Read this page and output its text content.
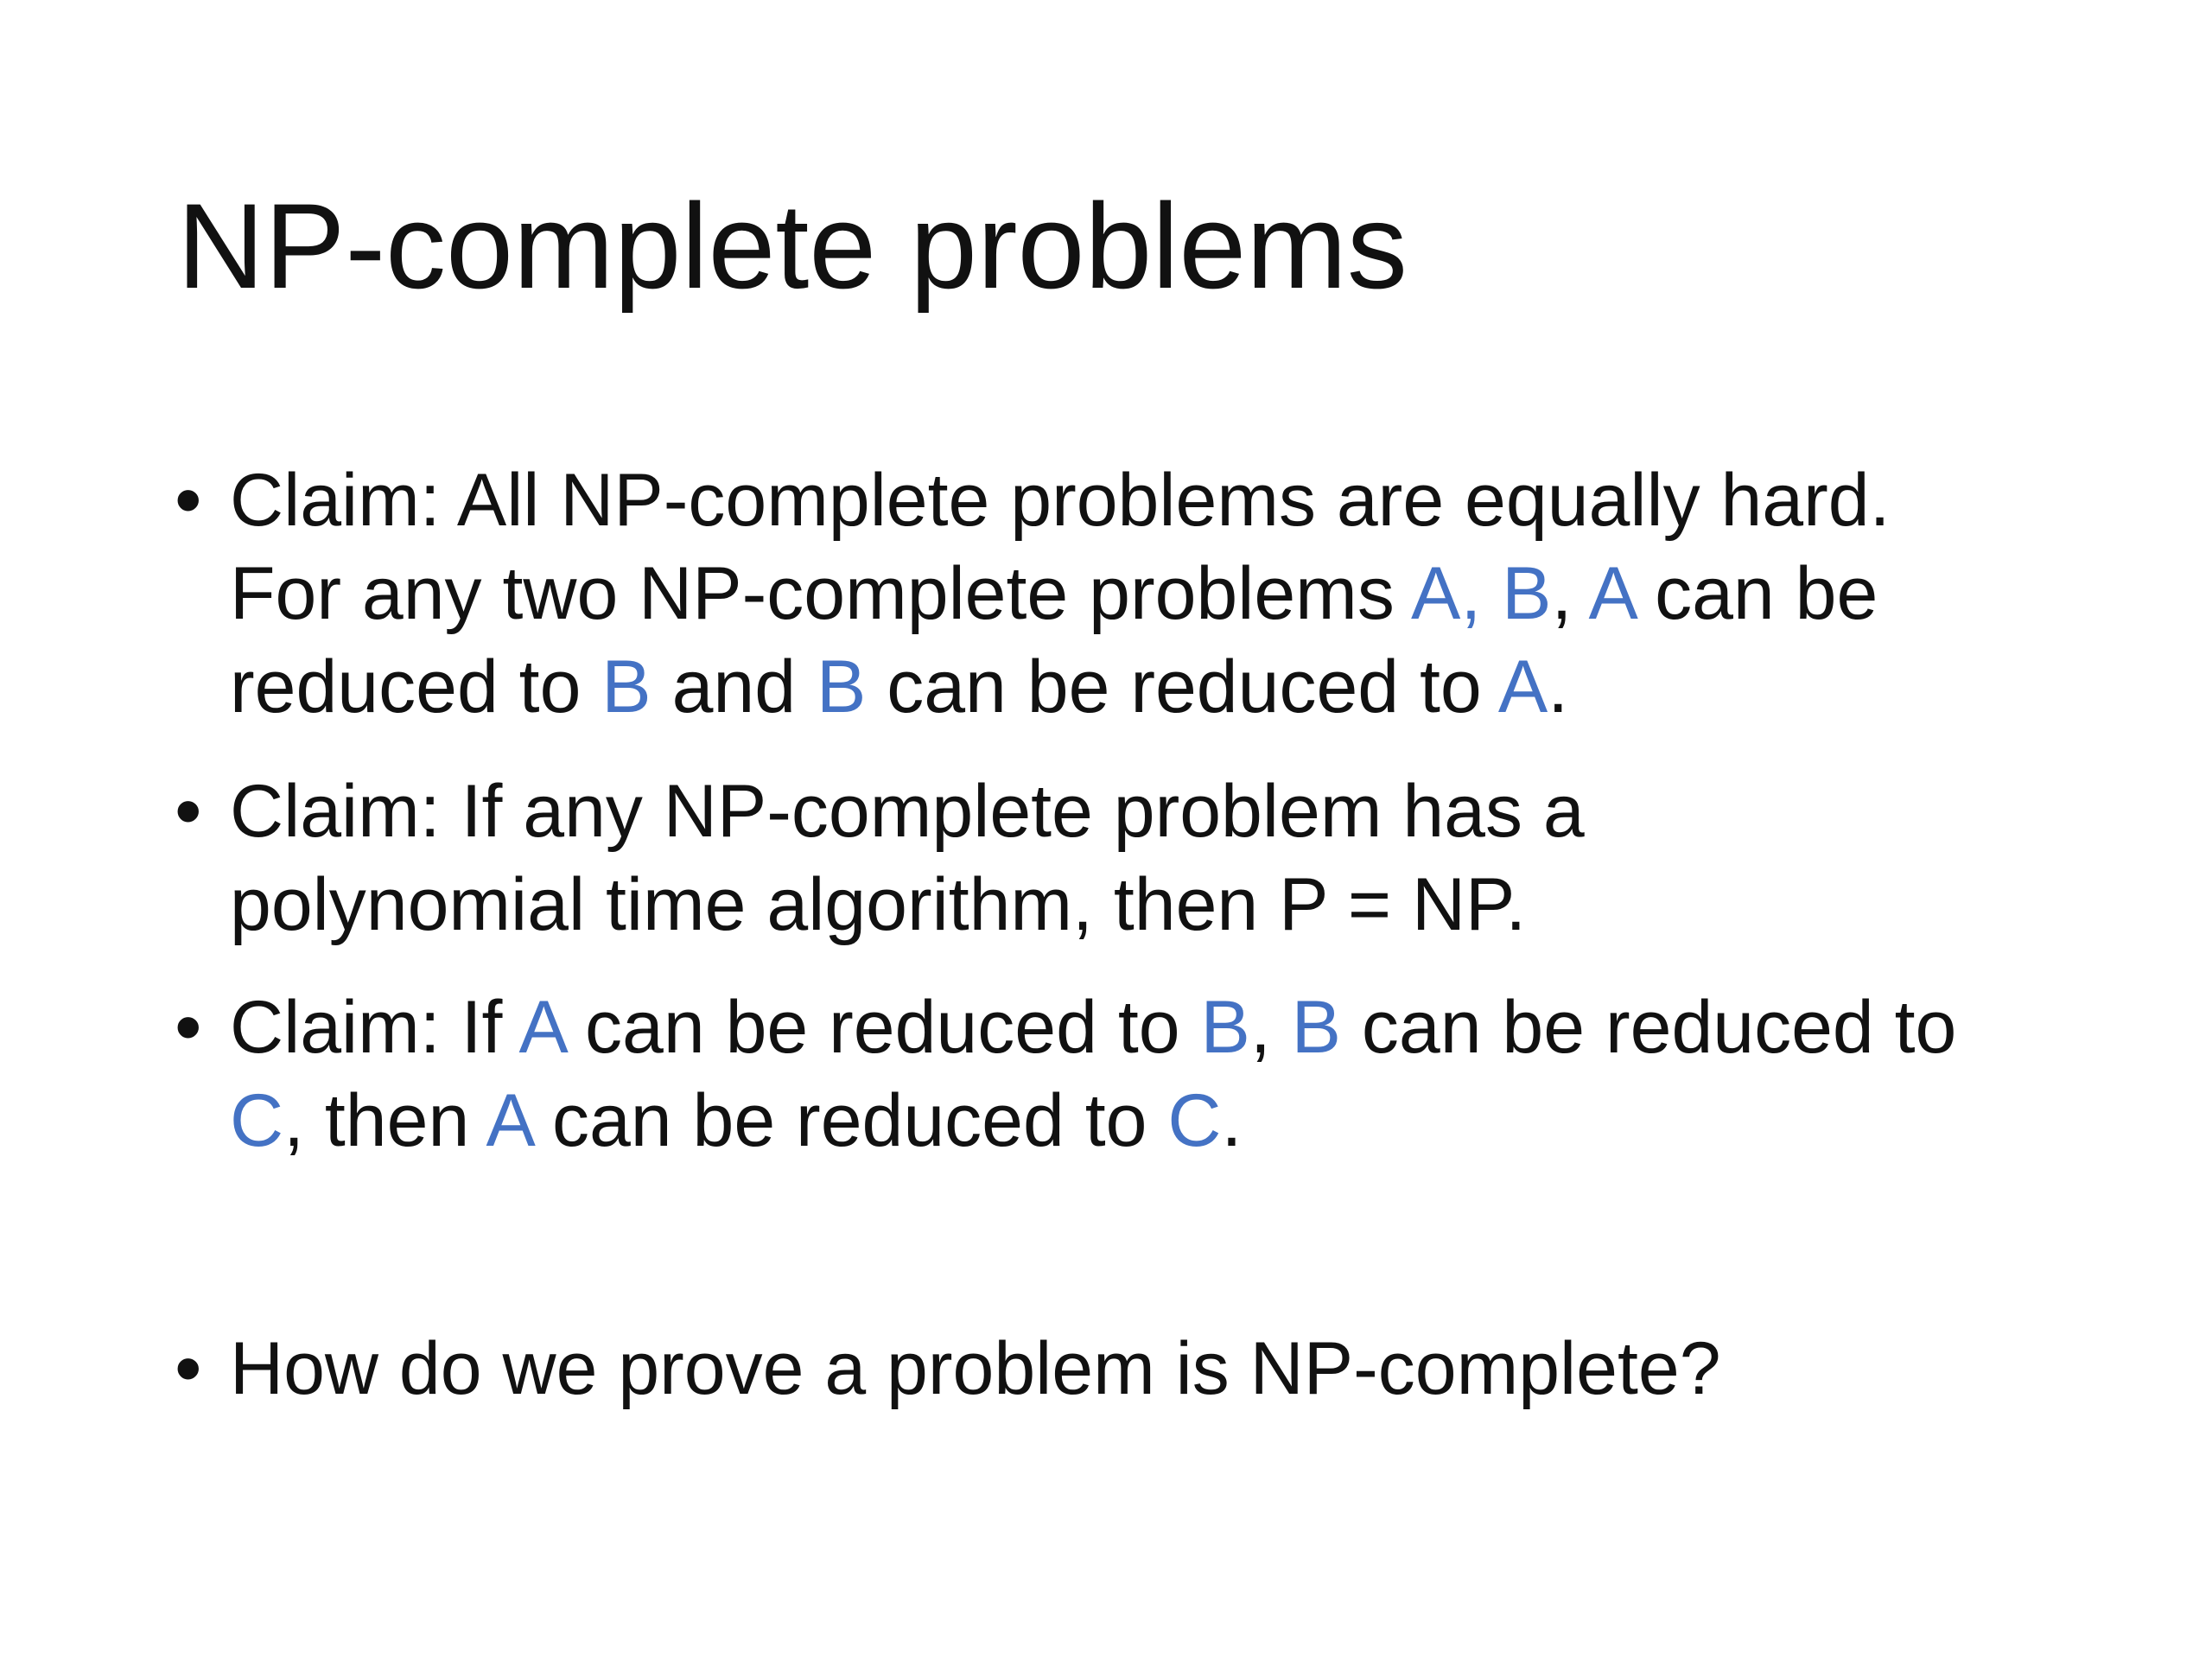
NP-complete problems
• Claim: All NP-complete problems are equally hard.
For any two NP-complete problems A, B, A can be
reduced to B and B can be reduced to A.
• Claim: If any NP-complete problem has a
polynomial time algorithm, then P = NP.
• Claim: If A can be reduced to B, B can be reduced to
C, then A can be reduced to C.
• How do we prove a problem is NP-complete?
